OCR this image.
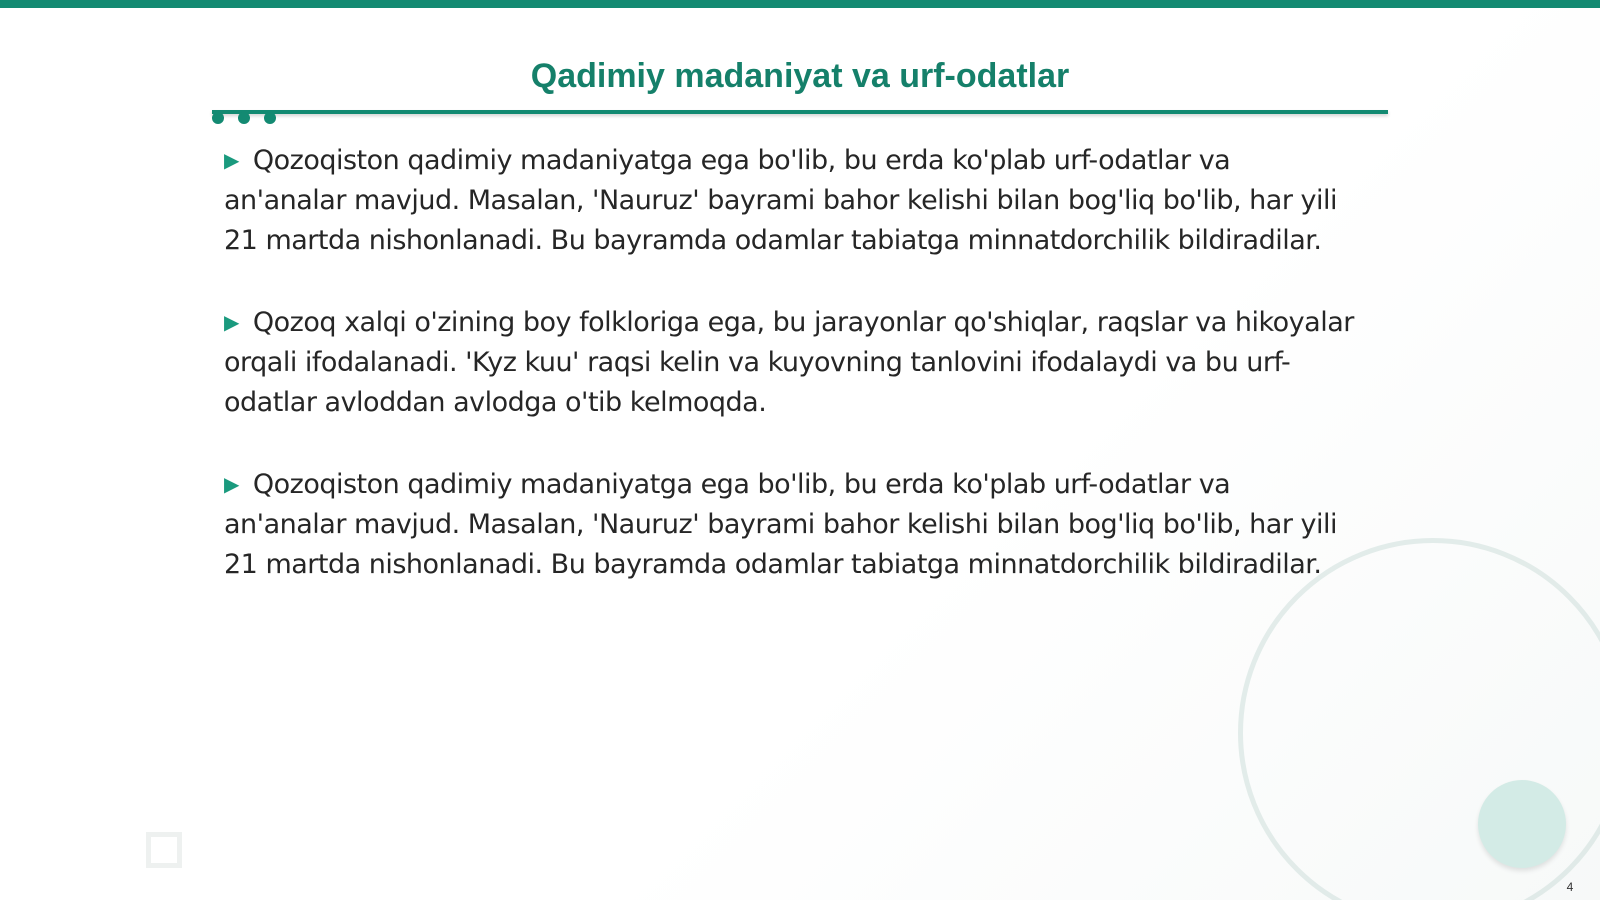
Qadimiy madaniyat va urf-odatlar

▶ Qozoqiston qadimiy madaniyatga ega bo'lib, bu erda ko'plab urf-odatlar va an'analar mavjud. Masalan, 'Nauruz' bayrami bahor kelishi bilan bog'liq bo'lib, har yili 21 martda nishonlanadi. Bu bayramda odamlar tabiatga minnatdorchilik bildiradilar.

▶ Qozoq xalqi o'zining boy folkloriga ega, bu jarayonlar qo'shiqlar, raqslar va hikoyalar orqali ifodalanadi. 'Kyz kuu' raqsi kelin va kuyovning tanlovini ifodalaydi va bu urf-odatlar avloddan avlodga o'tib kelmoqda.

▶ Qozoqiston qadimiy madaniyatga ega bo'lib, bu erda ko'plab urf-odatlar va an'analar mavjud. Masalan, 'Nauruz' bayrami bahor kelishi bilan bog'liq bo'lib, har yili 21 martda nishonlanadi. Bu bayramda odamlar tabiatga minnatdorchilik bildiradilar.

4
